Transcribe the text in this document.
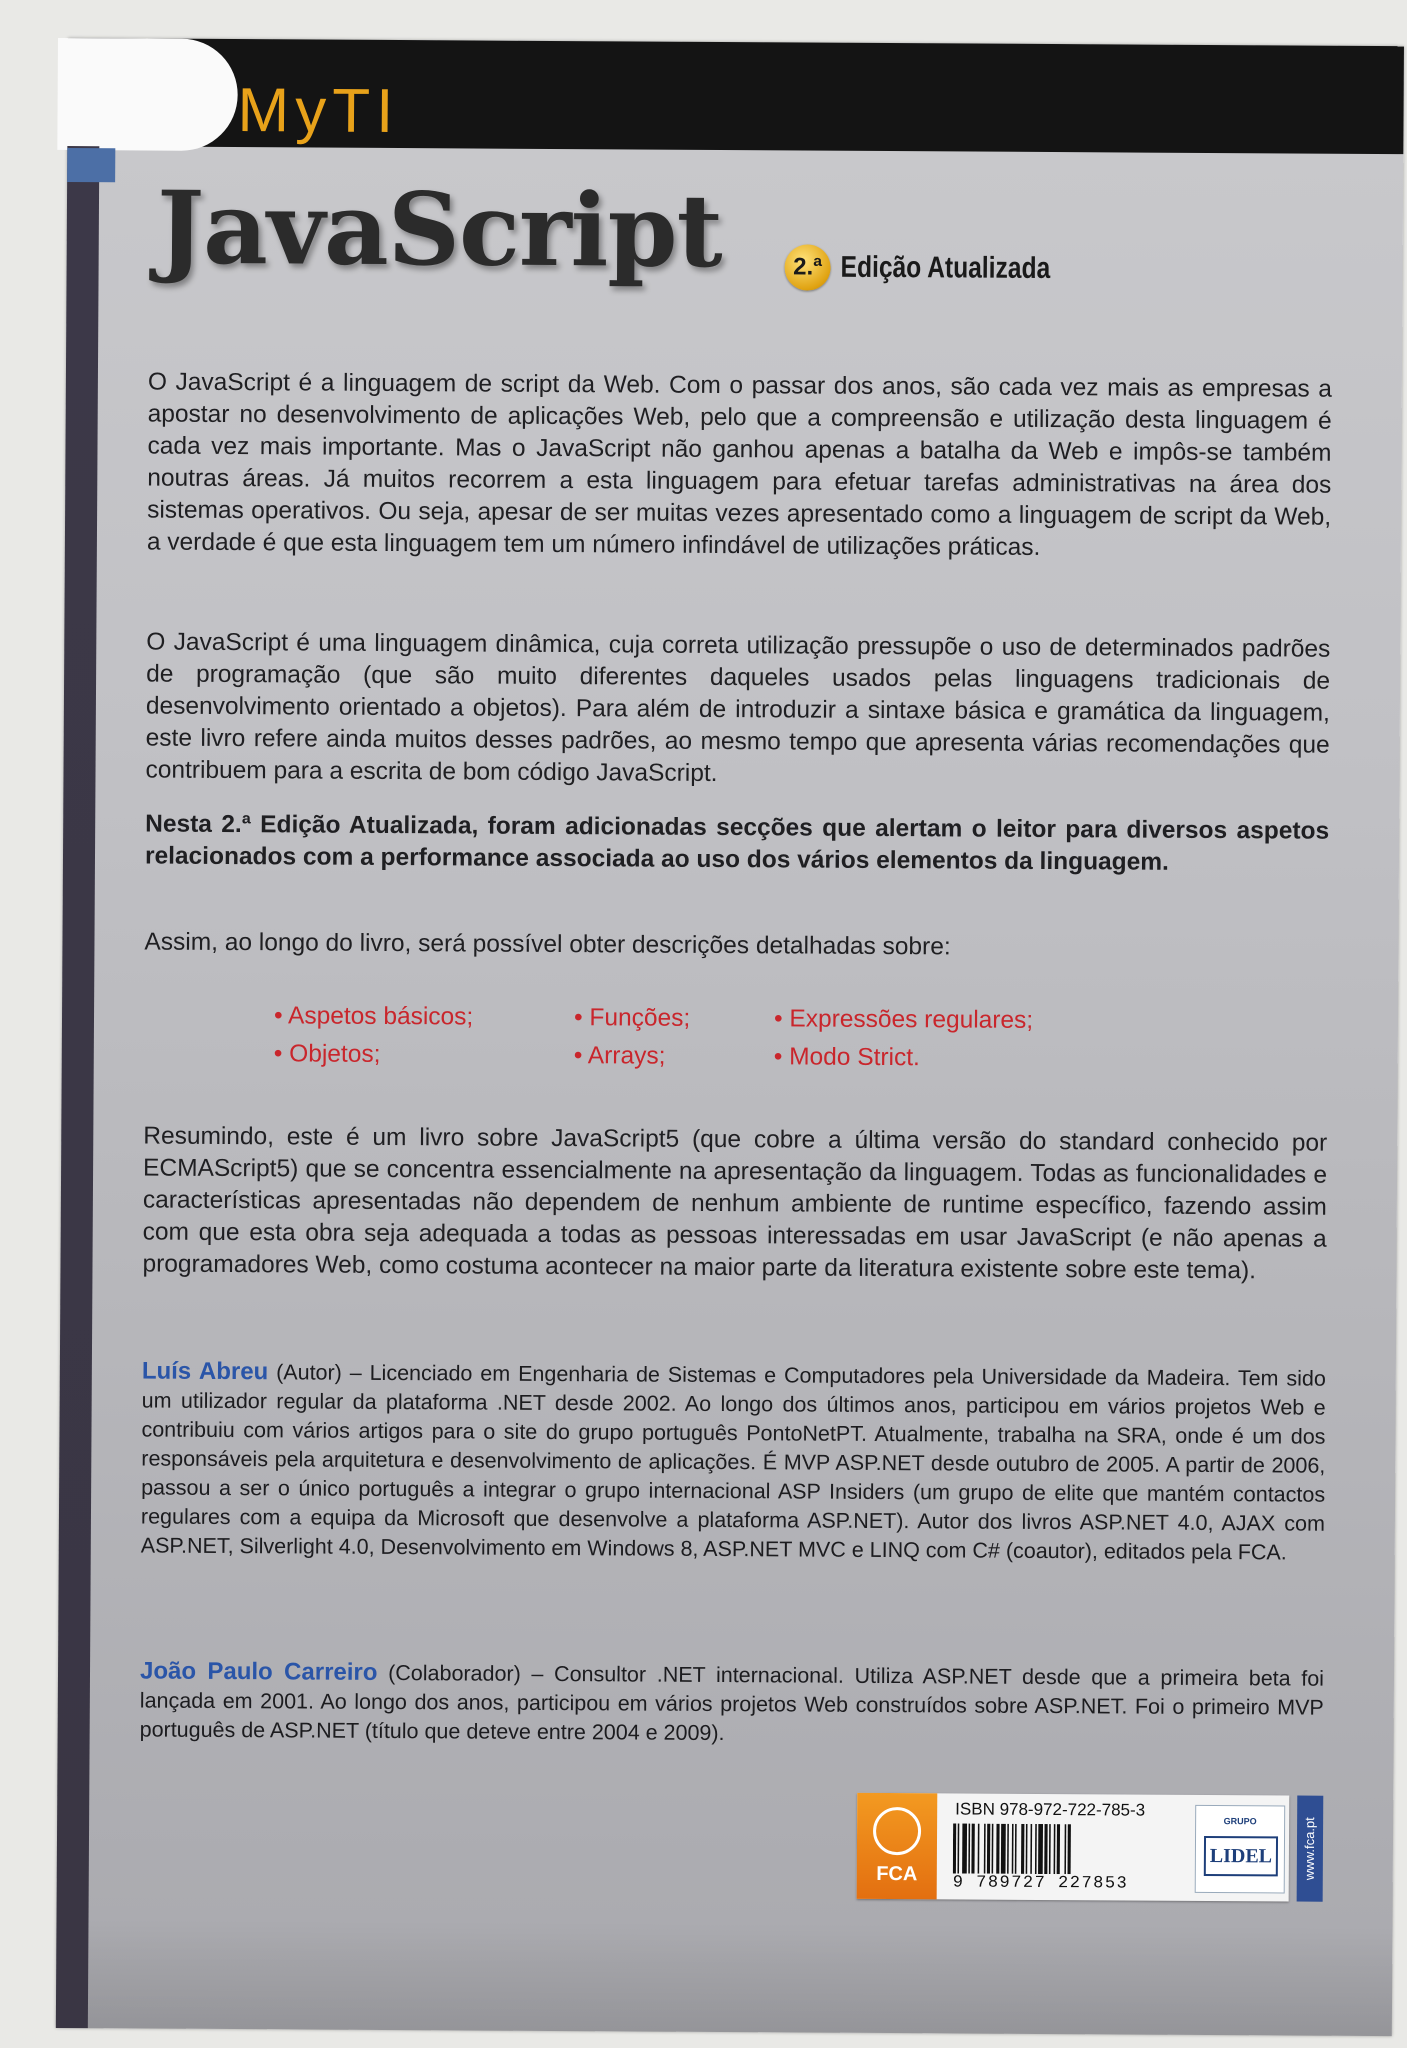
MyTI
JavaScript	2.ª Edição Atualizada
O JavaScript é a linguagem de script da Web. Com o passar dos anos, são cada vez mais as empresas a apostar no desenvolvimento de aplicações Web, pelo que a compreensão e utilização desta linguagem é cada vez mais importante. Mas o JavaScript não ganhou apenas a batalha da Web e impôs-se também noutras áreas. Já muitos recorrem a esta linguagem para efetuar tarefas administrativas na área dos sistemas operativos. Ou seja, apesar de ser muitas vezes apresentado como a linguagem de script da Web, a verdade é que esta linguagem tem um número infindável de utilizações práticas.
O JavaScript é uma linguagem dinâmica, cuja correta utilização pressupõe o uso de determinados padrões de programação (que são muito diferentes daqueles usados pelas linguagens tradicionais de desenvolvimento orientado a objetos). Para além de introduzir a sintaxe básica e gramática da linguagem, este livro refere ainda muitos desses padrões, ao mesmo tempo que apresenta várias recomendações que contribuem para a escrita de bom código JavaScript.
Nesta 2.ª Edição Atualizada, foram adicionadas secções que alertam o leitor para diversos aspetos relacionados com a performance associada ao uso dos vários elementos da linguagem.
Assim, ao longo do livro, será possível obter descrições detalhadas sobre:
• Aspetos básicos;	• Funções;	• Expressões regulares;
• Objetos;	• Arrays;	• Modo Strict.
Resumindo, este é um livro sobre JavaScript5 (que cobre a última versão do standard conhecido por ECMAScript5) que se concentra essencialmente na apresentação da linguagem. Todas as funcionalidades e características apresentadas não dependem de nenhum ambiente de runtime específico, fazendo assim com que esta obra seja adequada a todas as pessoas interessadas em usar JavaScript (e não apenas a programadores Web, como costuma acontecer na maior parte da literatura existente sobre este tema).
Luís Abreu (Autor) – Licenciado em Engenharia de Sistemas e Computadores pela Universidade da Madeira. Tem sido um utilizador regular da plataforma .NET desde 2002. Ao longo dos últimos anos, participou em vários projetos Web e contribuiu com vários artigos para o site do grupo português PontoNetPT. Atualmente, trabalha na SRA, onde é um dos responsáveis pela arquitetura e desenvolvimento de aplicações. É MVP ASP.NET desde outubro de 2005. A partir de 2006, passou a ser o único português a integrar o grupo internacional ASP Insiders (um grupo de elite que mantém contactos regulares com a equipa da Microsoft que desenvolve a plataforma ASP.NET). Autor dos livros ASP.NET 4.0, AJAX com ASP.NET, Silverlight 4.0, Desenvolvimento em Windows 8, ASP.NET MVC e LINQ com C# (coautor), editados pela FCA.
João Paulo Carreiro (Colaborador) – Consultor .NET internacional. Utiliza ASP.NET desde que a primeira beta foi lançada em 2001. Ao longo dos anos, participou em vários projetos Web construídos sobre ASP.NET. Foi o primeiro MVP português de ASP.NET (título que deteve entre 2004 e 2009).
FCA
ISBN 978-972-722-785-3
9 789727 227853
GRUPO
LIDEL	www.fca.pt
